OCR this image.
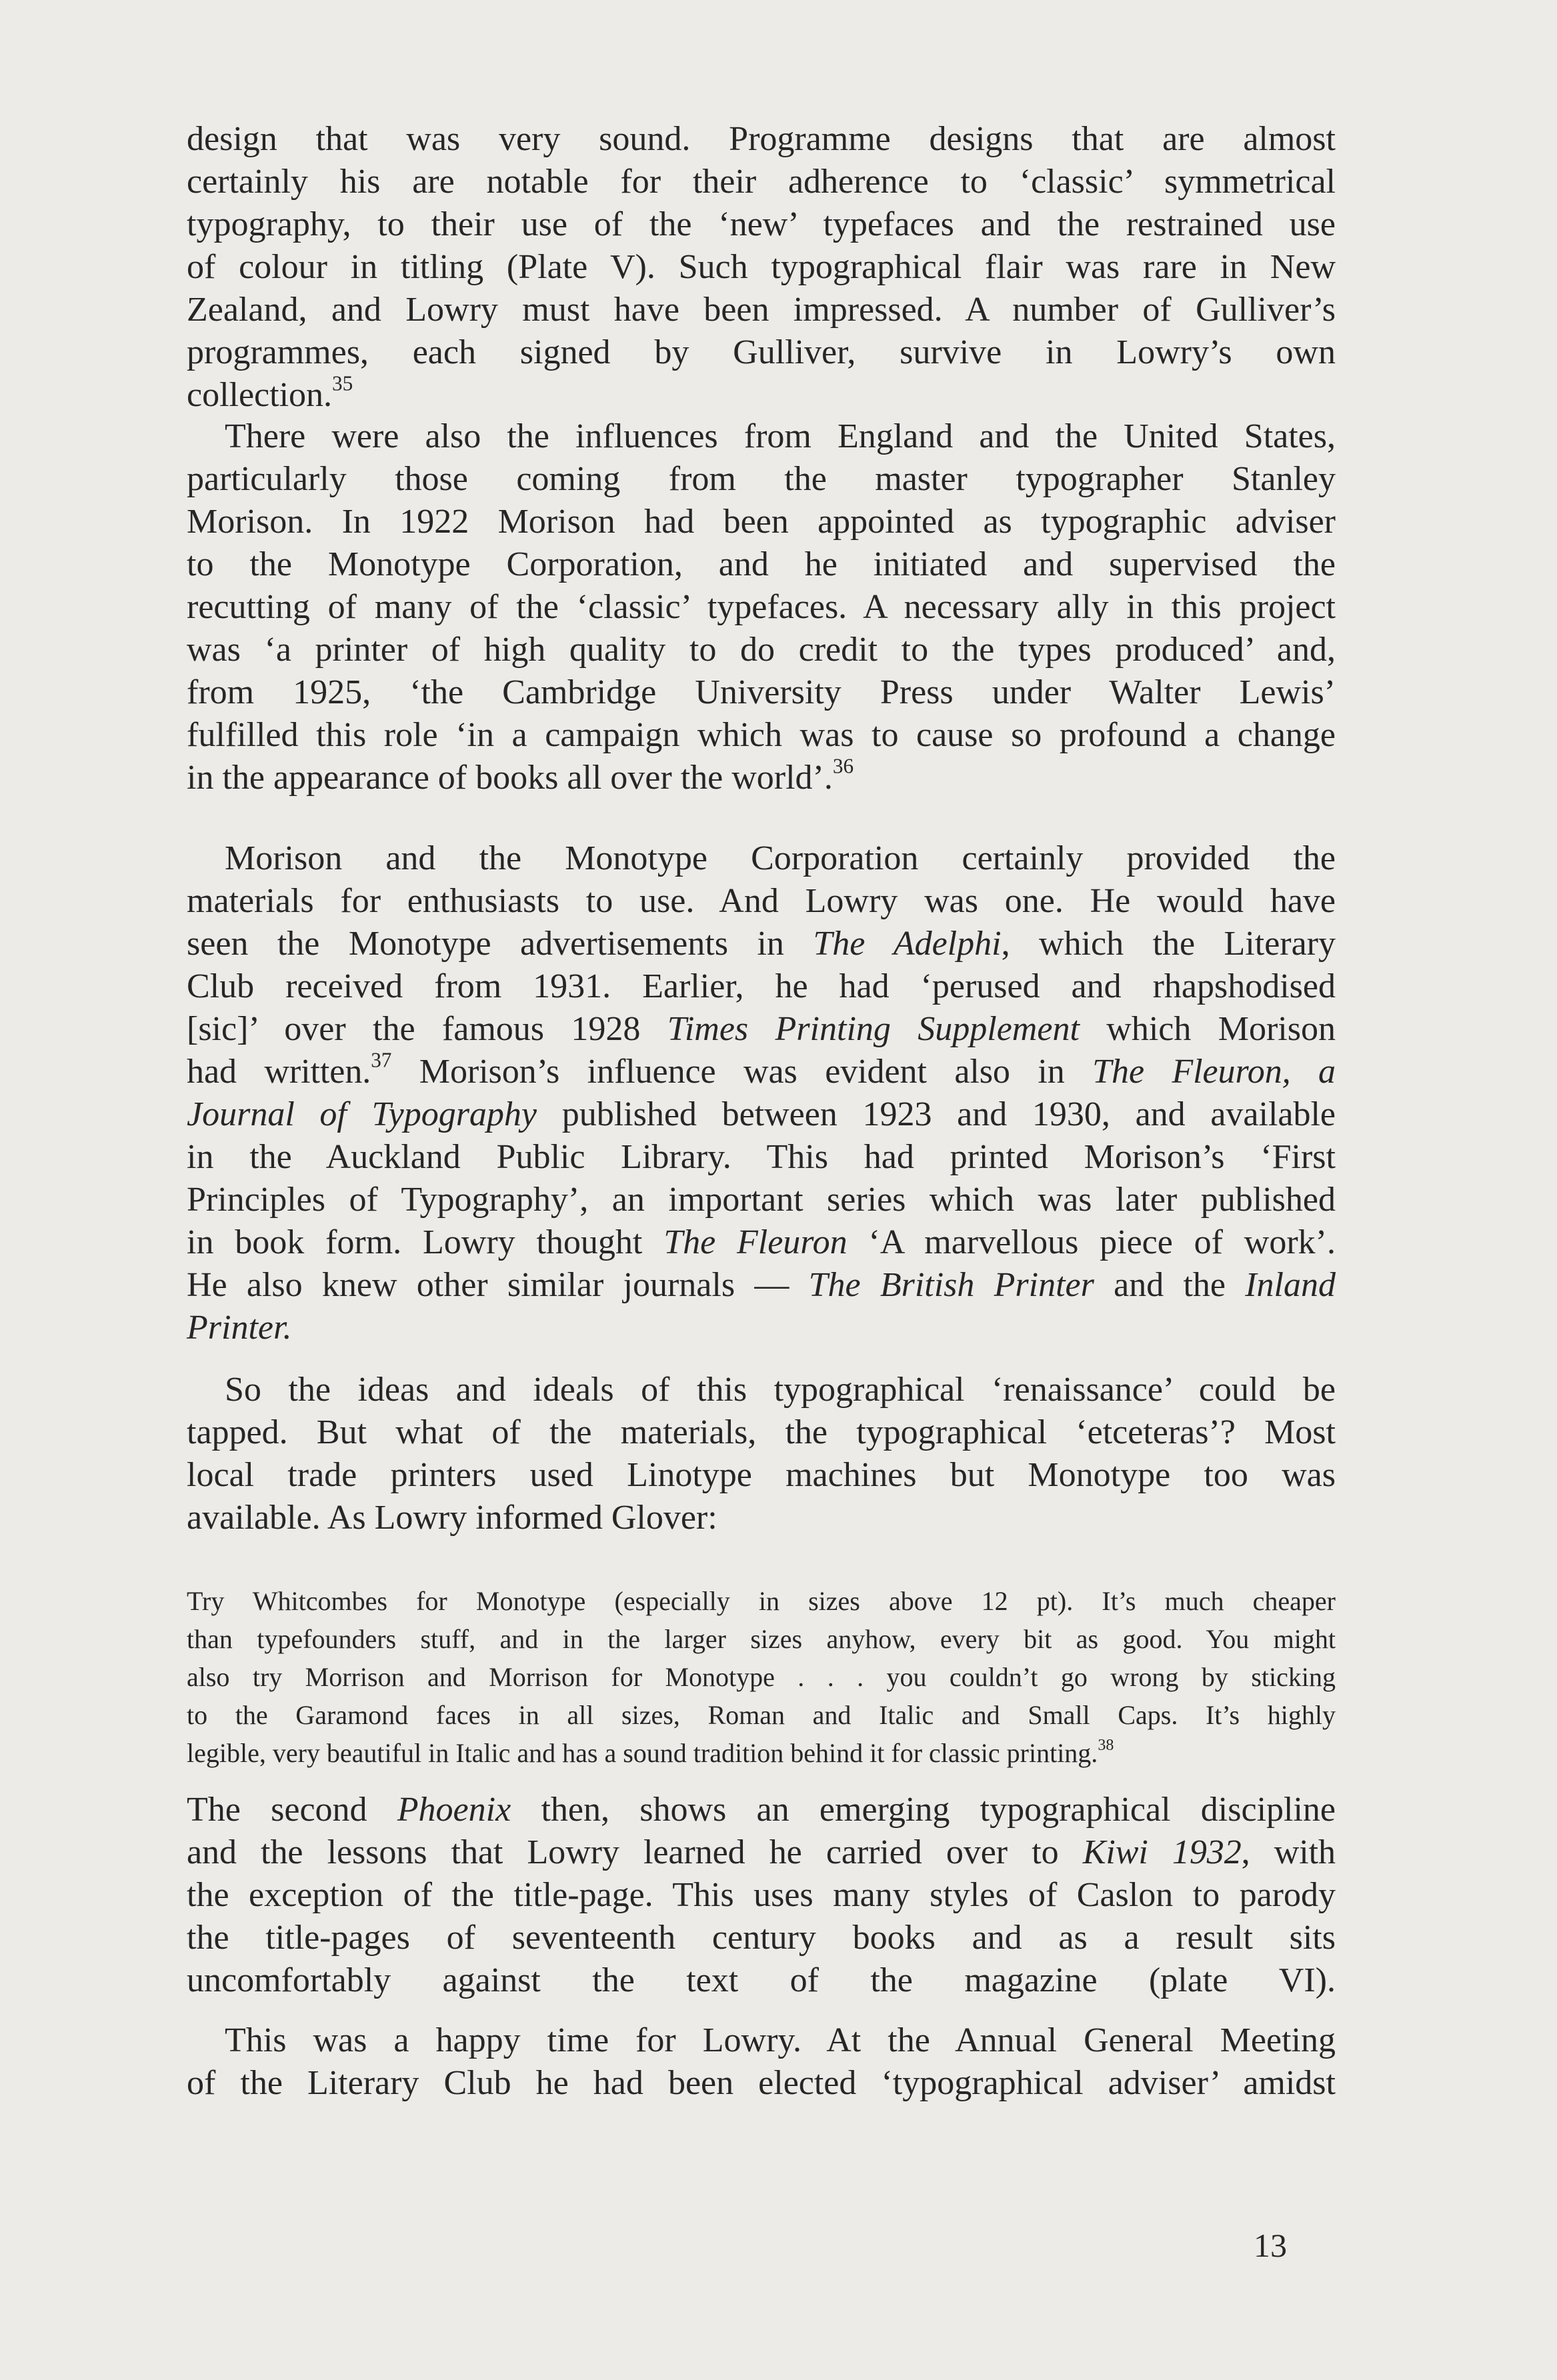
design that was very sound. Programme designs that are almost
certainly his are notable for their adherence to ‘classic’ symmetrical
typography, to their use of the ‘new’ typefaces and the restrained use
of colour in titling (Plate V). Such typographical flair was rare in New
Zealand, and Lowry must have been impressed. A number of Gulliver’s
programmes, each signed by Gulliver, survive in Lowry’s own
collection.$^{35}$
There were also the influences from England and the United States,
particularly those coming from the master typographer Stanley
Morison. In 1922 Morison had been appointed as typographic adviser
to the Monotype Corporation, and he initiated and supervised the
recutting of many of the ‘classic’ typefaces. A necessary ally in this project
was ‘a printer of high quality to do credit to the types produced’ and,
from 1925, ‘the Cambridge University Press under Walter Lewis’
fulfilled this role ‘in a campaign which was to cause so profound a change
in the appearance of books all over the world’.$^{36}$
Morison and the Monotype Corporation certainly provided the
materials for enthusiasts to use. And Lowry was one. He would have
seen the Monotype advertisements in The Adelphi, which the Literary
Club received from 1931. Earlier, he had ‘perused and rhapshodised
[sic]’ over the famous 1928 Times Printing Supplement which Morison
had written.$^{37}$ Morison’s influence was evident also in The Fleuron, a
Journal of Typography published between 1923 and 1930, and available
in the Auckland Public Library. This had printed Morison’s ‘First
Principles of Typography’, an important series which was later published
in book form. Lowry thought The Fleuron ‘A marvellous piece of work’.
He also knew other similar journals — The British Printer and the Inland
Printer.
So the ideas and ideals of this typographical ‘renaissance’ could be
tapped. But what of the materials, the typographical ‘etceteras’? Most
local trade printers used Linotype machines but Monotype too was
available. As Lowry informed Glover:
Try Whitcombes for Monotype (especially in sizes above 12 pt). It’s much cheaper
than typefounders stuff, and in the larger sizes anyhow, every bit as good. You might
also try Morrison and Morrison for Monotype . . . you couldn’t go wrong by sticking
to the Garamond faces in all sizes, Roman and Italic and Small Caps. It’s highly
legible, very beautiful in Italic and has a sound tradition behind it for classic printing.$^{38}$
The second Phoenix then, shows an emerging typographical discipline
and the lessons that Lowry learned he carried over to Kiwi 1932, with
the exception of the title-page. This uses many styles of Caslon to parody
the title-pages of seventeenth century books and as a result sits
uncomfortably against the text of the magazine (plate VI).
This was a happy time for Lowry. At the Annual General Meeting
of the Literary Club he had been elected ‘typographical adviser’ amidst
13
